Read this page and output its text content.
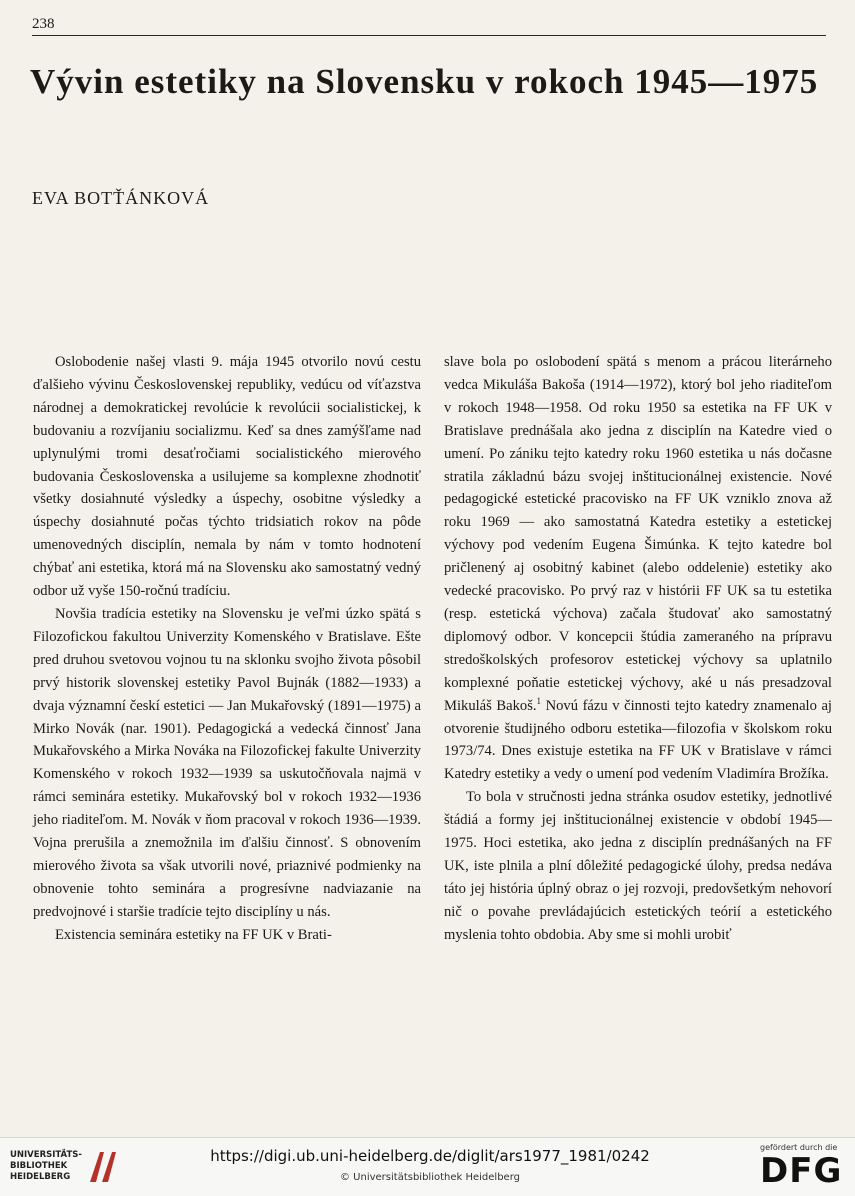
238
Vývin estetiky na Slovensku v rokoch 1945—1975
EVA BOTŤÁNKOVÁ

Oslobodenie našej vlasti 9. mája 1945 otvorilo novú cestu ďalšieho vývinu Československej republiky, vedúcu od víťazstva národnej a demokratickej revolúcie k revolúcii socialistickej, k budovaniu a rozvíjaniu socializmu. Keď sa dnes zamýšľame nad uplynulými tromi desaťročiami socialistického mierového budovania Československa a usilujeme sa komplexne zhodnotiť všetky dosiahnuté výsledky a úspechy, osobitne výsledky a úspechy dosiahnuté počas týchto tridsiatich rokov na pôde umenovedných disciplín, nemala by nám v tomto hodnotení chýbať ani estetika, ktorá má na Slovensku ako samostatný vedný odbor už vyše 150-ročnú tradíciu.

Novšia tradícia estetiky na Slovensku je veľmi úzko spätá s Filozofickou fakultou Univerzity Komenského v Bratislave. Ešte pred druhou svetovou vojnou tu na sklonku svojho života pôsobil prvý historik slovenskej estetiky Pavol Bujnák (1882—1933) a dvaja významní českí estetici — Jan Mukařovský (1891—1975) a Mirko Novák (nar. 1901). Pedagogická a vedecká činnosť Jana Mukařovského a Mirka Nováka na Filozofickej fakulte Univerzity Komenského v rokoch 1932—1939 sa uskutočňovala najmä v rámci seminára estetiky. Mukařovský bol v rokoch 1932—1936 jeho riaditeľom. M. Novák v ňom pracoval v rokoch 1936—1939. Vojna prerušila a znemožnila im ďalšiu činnosť. S obnovením mierového života sa však utvorili nové, priaznivé podmienky na obnovenie tohto seminára a progresívne nadviazanie na predvojnové i staršie tradície tejto disciplíny u nás.

Existencia seminára estetiky na FF UK v Brati-

slave bola po oslobodení spätá s menom a prácou literárneho vedca Mikuláša Bakoša (1914—1972), ktorý bol jeho riaditeľom v rokoch 1948—1958. Od roku 1950 sa estetika na FF UK v Bratislave prednášala ako jedna z disciplín na Katedre vied o umení. Po zániku tejto katedry roku 1960 estetika u nás dočasne stratila základnú bázu svojej inštitucionálnej existencie. Nové pedagogické estetické pracovisko na FF UK vzniklo znova až roku 1969 — ako samostatná Katedra estetiky a estetickej výchovy pod vedením Eugena Šimúnka. K tejto katedre bol pričlenený aj osobitný kabinet (alebo oddelenie) estetiky ako vedecké pracovisko. Po prvý raz v histórii FF UK sa tu estetika (resp. estetická výchova) začala študovať ako samostatný diplomový odbor. V koncepcii štúdia zameraného na prípravu stredoškolských profesorov estetickej výchovy sa uplatnilo komplexné poňatie estetickej výchovy, aké u nás presadzoval Mikuláš Bakoš.$^1$ Novú fázu v činnosti tejto katedry znamenalo aj otvorenie študijného odboru estetika—filozofia v školskom roku 1973/74. Dnes existuje estetika na FF UK v Bratislave v rámci Katedry estetiky a vedy o umení pod vedením Vladimíra Brožíka.

To bola v stručnosti jedna stránka osudov estetiky, jednotlivé štádiá a formy jej inštitucionálnej existencie v období 1945—1975. Hoci estetika, ako jedna z disciplín prednášaných na FF UK, iste plnila a plní dôležité pedagogické úlohy, predsa nedáva táto jej história úplný obraz o jej rozvoji, predovšetkým nehovorí nič o povahe prevládajúcich estetických teórií a estetického myslenia tohto obdobia. Aby sme si mohli urobiť

UNIVERSITÄTS-
BIBLIOTHEK
HEIDELBERG
https://digi.ub.uni-heidelberg.de/diglit/ars1977_1981/0242
© Universitätsbibliothek Heidelberg
gefördert durch die
DFG
